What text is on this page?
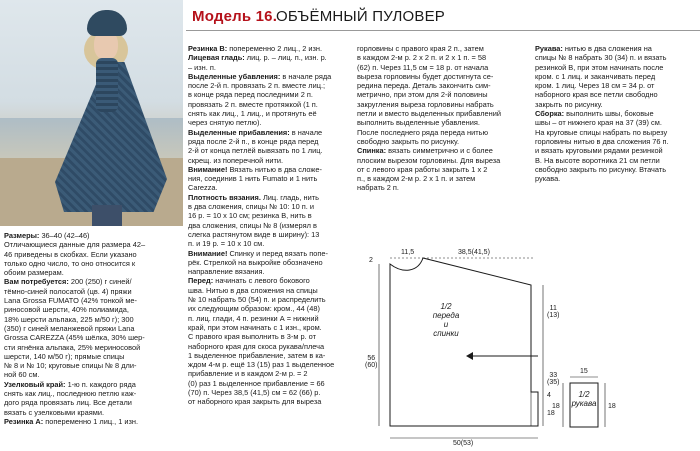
Модель 16.
ОБЪЁМНЫЙ ПУЛОВЕР
Размеры: 36–40 (42–46)
Отличающиеся данные для размера 42–
46 приведены в скобках. Если указано
только одно число, то оно относится к
обоим размерам.
Вам потребуется: 200 (250) г синей/
тёмно-синей полосатой (цв. 4) пряжи
Lana Grossa FUMATO (42% тонкой ме-
риносовой шерсти, 40% полиамида,
18% шерсти альпака, 225 м/50 г); 300
(350) г синей меланжевой пряжи Lana
Grossa CAREZZA (45% шёлка, 30% шер-
сти ягнёнка альпака, 25% мериносовой
шерсти, 140 м/50 г); прямые спицы
№ 8 и № 10; круговые спицы № 8 дли-
ной 60 см.
Узелковый край: 1-ю п. каждого ряда
снять как лиц., последнюю петлю каж-
дого ряда провязать лиц. Все детали
вязать с узелковыми краями.
Резинка А: попеременно 1 лиц., 1 изн.
Резинка В: попеременно 2 лиц., 2 изн.
Лицевая гладь: лиц. р. – лиц. п., изн. р.
– изн. п.
Выделенные убавления: в начале ряда
после 2-й п. провязать 2 п. вместе лиц.;
в конце ряда перед последними 2 п.
провязать 2 п. вместе протяжкой (1 п.
снять как лиц., 1 лиц., и протянуть её
через снятую петлю).
Выделенные прибавления: в начале
ряда после 2-й п., в конце ряда перед
2-й от конца петлёй вывязать по 1 лиц.
скрещ. из поперечной нити.
Внимание! Вязать нитью в два сложе-
ния, соединив 1 нить Fumato и 1 нить
Carezza.
Плотность вязания. Лиц. гладь, нить
в два сложения, спицы № 10: 10 п. и
16 р. = 10 х 10 см; резинка В, нить в
два сложения, спицы № 8 (измерял в
слегка растянутом виде в ширину): 13
п. и 19 р. = 10 х 10 см.
Внимание! Спинку и перед вязать попе-
рёк. Стрелкой на выкройке обозначено
направление вязания.
Перед: начинать с левого бокового
шва. Нитью в два сложения на спицы
№ 10 набрать 50 (54) п. и распределить
их следующим образом: кром., 44 (48)
п. лиц. глади, 4 п. резинки А = нижний
край, при этом начинать с 1 изн., кром.
С правого края выполнить в 3-м р. от
наборного края для скоса рукава/плеча
1 выделенное прибавление, затем в ка-
ждом 4-м р. ещё 13 (15) раз 1 выделенное
прибавление и в каждом 2-м р. = 2
(0) раз 1 выделенное прибавление = 66
(70) п. Через 38,5 (41,5) см = 62 (66) р.
от наборного края закрыть для выреза
горловины с правого края 2 п., затем
в каждом 2-м р. 2 х 2 п. и 2 х 1 п. = 58
(62) п. Через 11,5 см = 18 р. от начала
выреза горловины будет достигнута се-
редина переда. Деталь закончить сим-
метрично, при этом для 2-й половины
закругления выреза горловины набрать
петли и вместо выделенных прибавлений
выполнить выделенные убавления.
После последнего ряда переда нитью
свободно закрыть по рисунку.
Спинка: вязать симметрично и с более
плоским вырезом горловины. Для выреза
от с левого края работы закрыть 1 х 2
п., в каждом 2-м р. 2 х 1 п. и затем
набрать 2 п.
Рукава: нитью в два сложения на
спицы № 8 набрать 30 (34) п. и вязать
резинкой В, при этом начинать после
кром. с 1 лиц. и заканчивать перед
кром. 1 лиц. Через 18 см = 34 р. от
наборного края все петли свободно
закрыть по рисунку.
Сборка: выполнить швы, боковые
швы – от нижнего края на 37 (39) см.
На круговые спицы набрать по вырезу
горловины нитью в два сложения 76 п.
и вязать круговыми рядами резинкой
В. На высоте воротника 21 см петли
свободно закрыть по рисунку. Втачать
рукава.
11,5	38,5(41,5)
2
56
(60)
11
(13)
33
(35)
4
18
50(53)
15
18	18
1/2
переда
и
спинки
1/2
рукава
